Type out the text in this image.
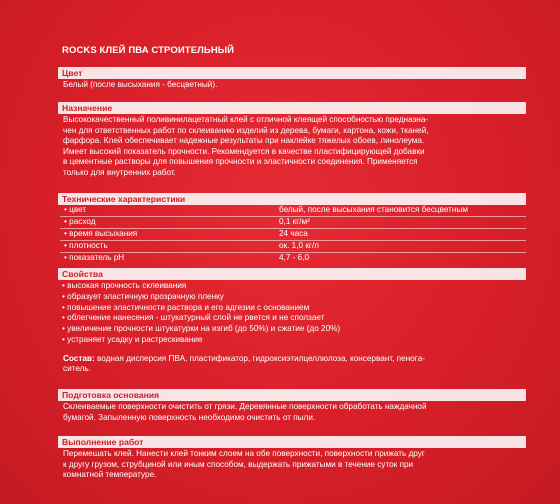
ROCKS КЛЕЙ ПВА СТРОИТЕЛЬНЫЙ
Цвет
Белый (после высыхания - бесцветный).
Назначение

Высококачественный поливинилацетатный клей с отличной клеящей способностью предназна-

чен для ответственных работ по склеиванию изделий из дерева, бумаги, картона, кожи, тканей,

фарфора. Клей обеспечивает надежные результаты при наклейке тяжелых обоев, линолеума.

Имеет высокий показатель прочности. Рекомендуется в качестве пластифицирующей добавки

в цементные растворы для повышения прочности и эластичности соединения. Применяется

только для внутренних работ.

Технические характеристики
• цвет	белый, после высыхания становится бесцветным
• расход	0,1 кг/м²
• время высыхания	24 часа
• плотность	ок. 1,0 кг/л
• показатель pH	4,7 - 6,0
Свойства
• высокая прочность склеивания
• образует эластичную прозрачную пленку
• повышение эластичности раствора и его адгезии с основанием
• облегчение нанесения - штукатурный слой не рвется и не сползает
• увеличение прочности штукатурки на изгиб (до 50%) и сжатие (до 20%)
• устраняет усадку и растрескивание

Состав: водная дисперсия ПВА, пластификатор, гидроксиэтилцеллюлоза, консервант, пеногa-

ситель.

Подготовка основания

Склеиваемые поверхности очистить от грязи. Деревянные поверхности обработать наждачной

бумагой. Запыленную поверхность необходимо очистить от пыли.

Выполнение работ

Перемешать клей. Нанести клей тонким слоем на обе поверхности, поверхности прижать друг

к другу грузом, струбциной или иным способом, выдержать прижатыми в течение суток при

комнатной температуре.
